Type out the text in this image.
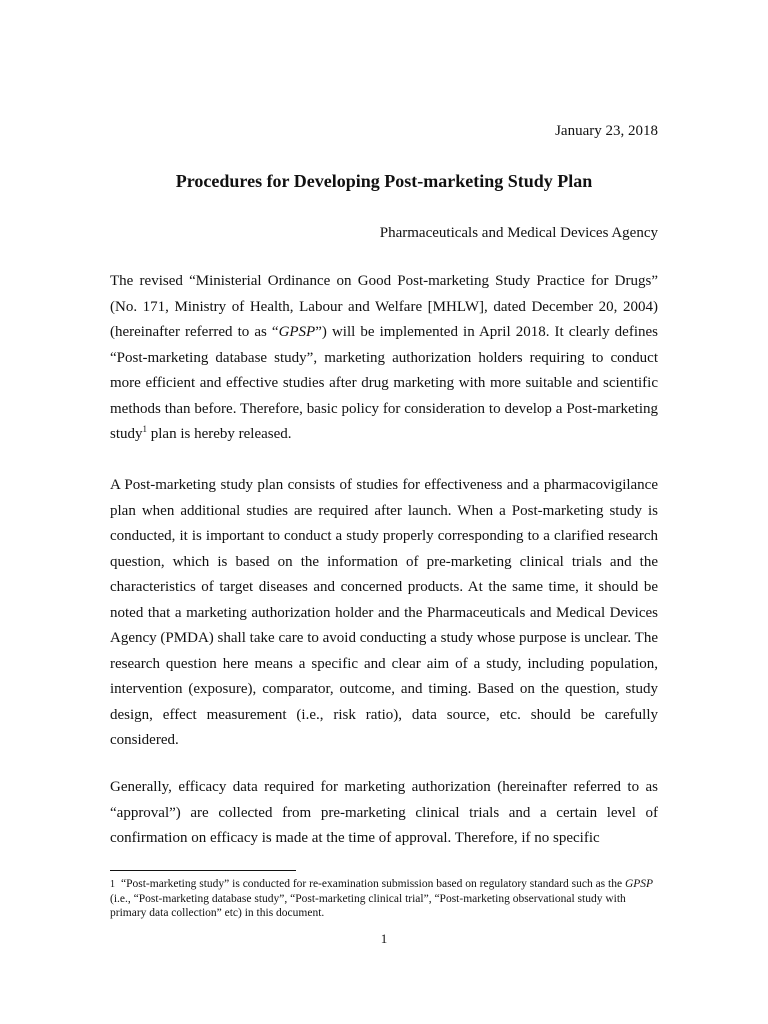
January 23, 2018

Procedures for Developing Post-marketing Study Plan

Pharmaceuticals and Medical Devices Agency

The revised “Ministerial Ordinance on Good Post-marketing Study Practice for Drugs” (No. 171, Ministry of Health, Labour and Welfare [MHLW], dated December 20, 2004) (hereinafter referred to as “GPSP”) will be implemented in April 2018. It clearly defines “Post-marketing database study”, marketing authorization holders requiring to conduct more efficient and effective studies after drug marketing with more suitable and scientific methods than before. Therefore, basic policy for consideration to develop a Post-marketing study$^1$ plan is hereby released.

A Post-marketing study plan consists of studies for effectiveness and a pharmacovigilance plan when additional studies are required after launch. When a Post-marketing study is conducted, it is important to conduct a study properly corresponding to a clarified research question, which is based on the information of pre-marketing clinical trials and the characteristics of target diseases and concerned products. At the same time, it should be noted that a marketing authorization holder and the Pharmaceuticals and Medical Devices Agency (PMDA) shall take care to avoid conducting a study whose purpose is unclear. The research question here means a specific and clear aim of a study, including population, intervention (exposure), comparator, outcome, and timing. Based on the question, study design, effect measurement (i.e., risk ratio), data source, etc. should be carefully considered.

Generally, efficacy data required for marketing authorization (hereinafter referred to as “approval”) are collected from pre-marketing clinical trials and a certain level of confirmation on efficacy is made at the time of approval. Therefore, if no specific

1 “Post-marketing study” is conducted for re-examination submission based on regulatory standard such as the GPSP (i.e., “Post-marketing database study”, “Post-marketing clinical trial”, “Post-marketing observational study with primary data collection” etc) in this document.

1
